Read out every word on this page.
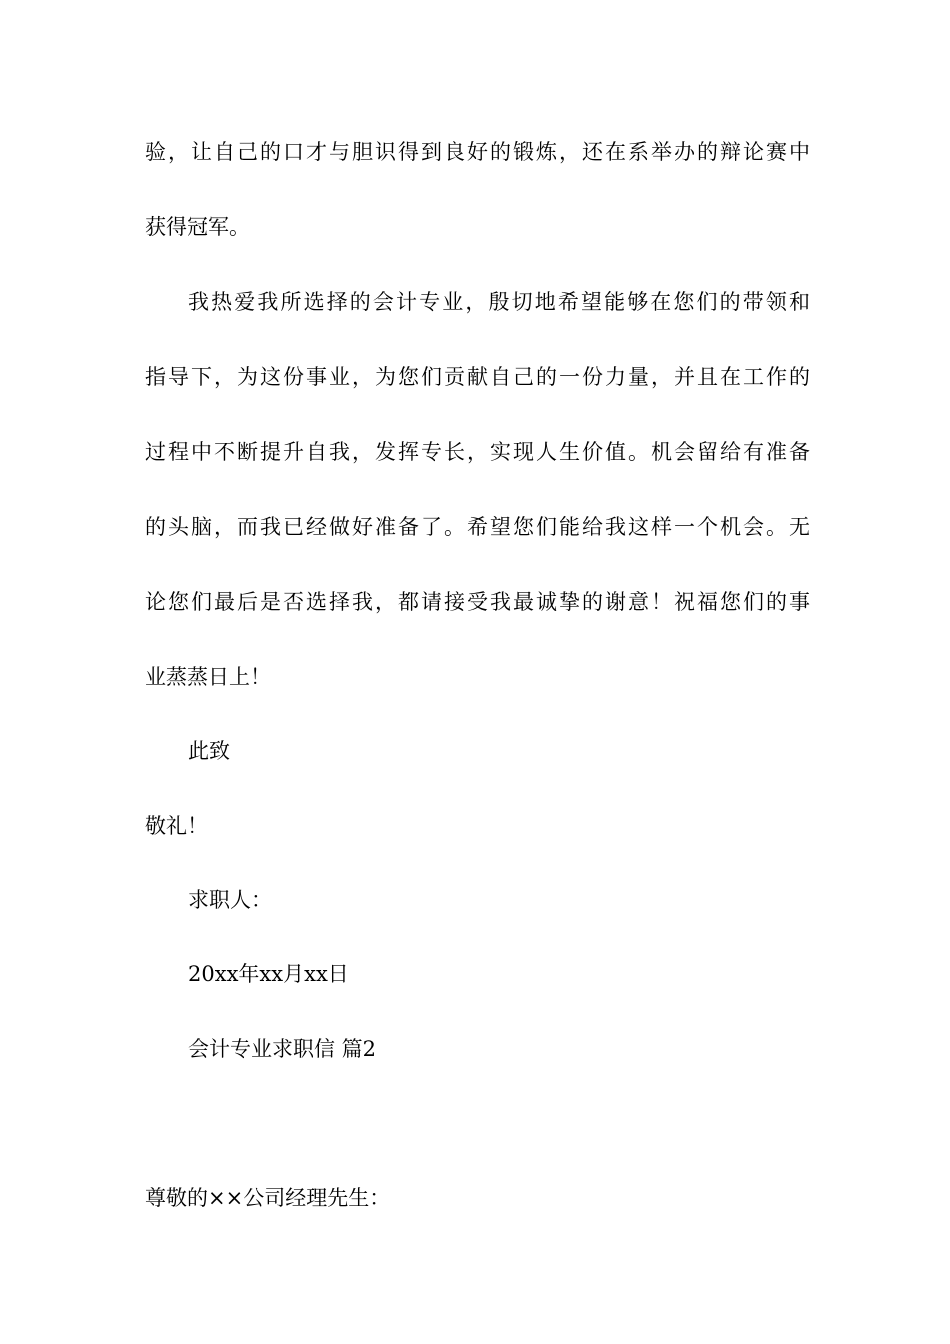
验，让自己的口才与胆识得到良好的锻炼，还在系举办的辩论赛中
获得冠军。
我热爱我所选择的会计专业，殷切地希望能够在您们的带领和
指导下，为这份事业，为您们贡献自己的一份力量，并且在工作的
过程中不断提升自我，发挥专长，实现人生价值。机会留给有准备
的头脑，而我已经做好准备了。希望您们能给我这样一个机会。无
论您们最后是否选择我，都请接受我最诚挚的谢意！祝福您们的事
业蒸蒸日上！
此致
敬礼！
求职人：
20xx年xx月xx日
会计专业求职信 篇2
尊敬的××公司经理先生：
